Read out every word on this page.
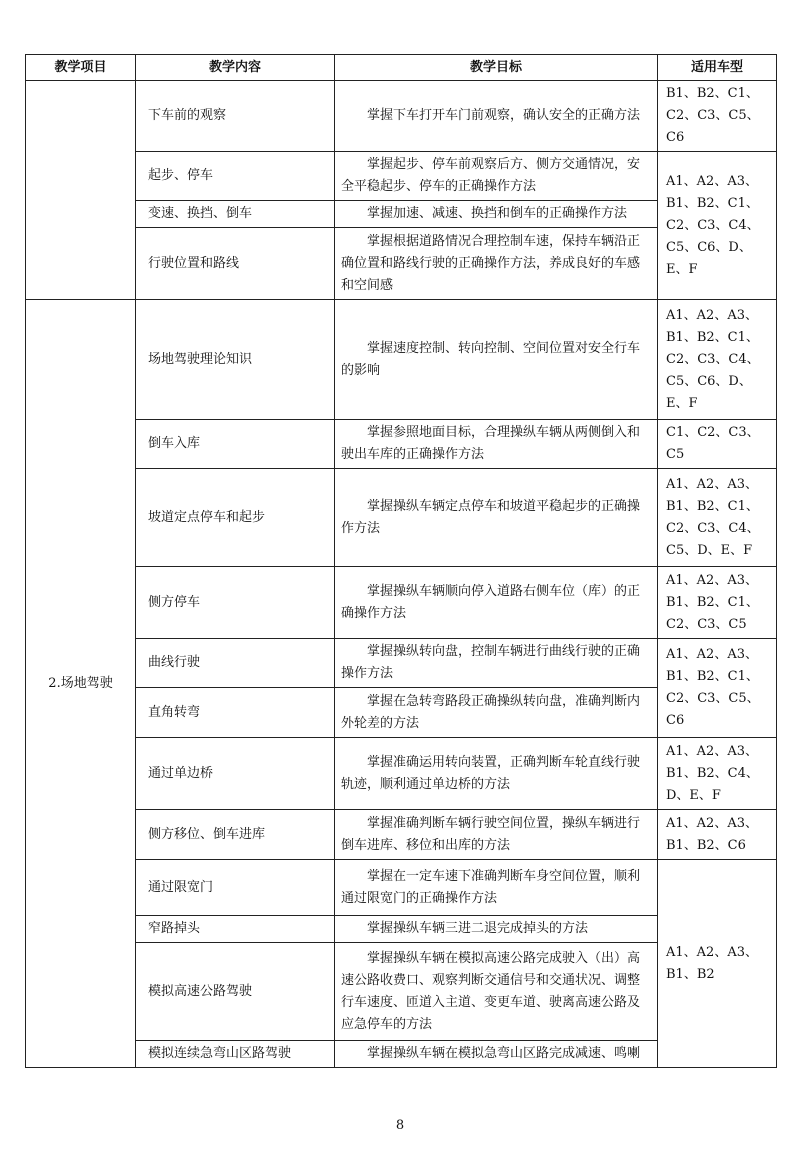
教学项目	教学内容	教学目标	适用车型
	下车前的观察	掌握下车打开车门前观察，确认安全的正确方法	B1、B2、C1、C2、C3、C5、C6
	起步、停车	掌握起步、停车前观察后方、侧方交通情况，安全平稳起步、停车的正确操作方法	A1、A2、A3、B1、B2、C1、C2、C3、C4、C5、C6、D、E、F
	变速、换挡、倒车	掌握加速、减速、换挡和倒车的正确操作方法	
	行驶位置和路线	掌握根据道路情况合理控制车速，保持车辆沿正确位置和路线行驶的正确操作方法，养成良好的车感和空间感	
2.场地驾驶	场地驾驶理论知识	掌握速度控制、转向控制、空间位置对安全行车的影响	A1、A2、A3、B1、B2、C1、C2、C3、C4、C5、C6、D、E、F
	倒车入库	掌握参照地面目标，合理操纵车辆从两侧倒入和驶出车库的正确操作方法	C1、C2、C3、C5
	坡道定点停车和起步	掌握操纵车辆定点停车和坡道平稳起步的正确操作方法	A1、A2、A3、B1、B2、C1、C2、C3、C4、C5、D、E、F
	侧方停车	掌握操纵车辆顺向停入道路右侧车位（库）的正确操作方法	A1、A2、A3、B1、B2、C1、C2、C3、C5
	曲线行驶	掌握操纵转向盘，控制车辆进行曲线行驶的正确操作方法	A1、A2、A3、B1、B2、C1、C2、C3、C5、C6
	直角转弯	掌握在急转弯路段正确操纵转向盘，准确判断内外轮差的方法	
	通过单边桥	掌握准确运用转向装置，正确判断车轮直线行驶轨迹，顺利通过单边桥的方法	A1、A2、A3、B1、B2、C4、D、E、F
	侧方移位、倒车进库	掌握准确判断车辆行驶空间位置，操纵车辆进行倒车进库、移位和出库的方法	A1、A2、A3、B1、B2、C6
	通过限宽门	掌握在一定车速下准确判断车身空间位置，顺利通过限宽门的正确操作方法	A1、A2、A3、B1、B2
	窄路掉头	掌握操纵车辆三进二退完成掉头的方法	
	模拟高速公路驾驶	掌握操纵车辆在模拟高速公路完成驶入（出）高速公路收费口、观察判断交通信号和交通状况、调整行车速度、匝道入主道、变更车道、驶离高速公路及应急停车的方法	
	模拟连续急弯山区路驾驶	掌握操纵车辆在模拟急弯山区路完成减速、鸣喇	
8
